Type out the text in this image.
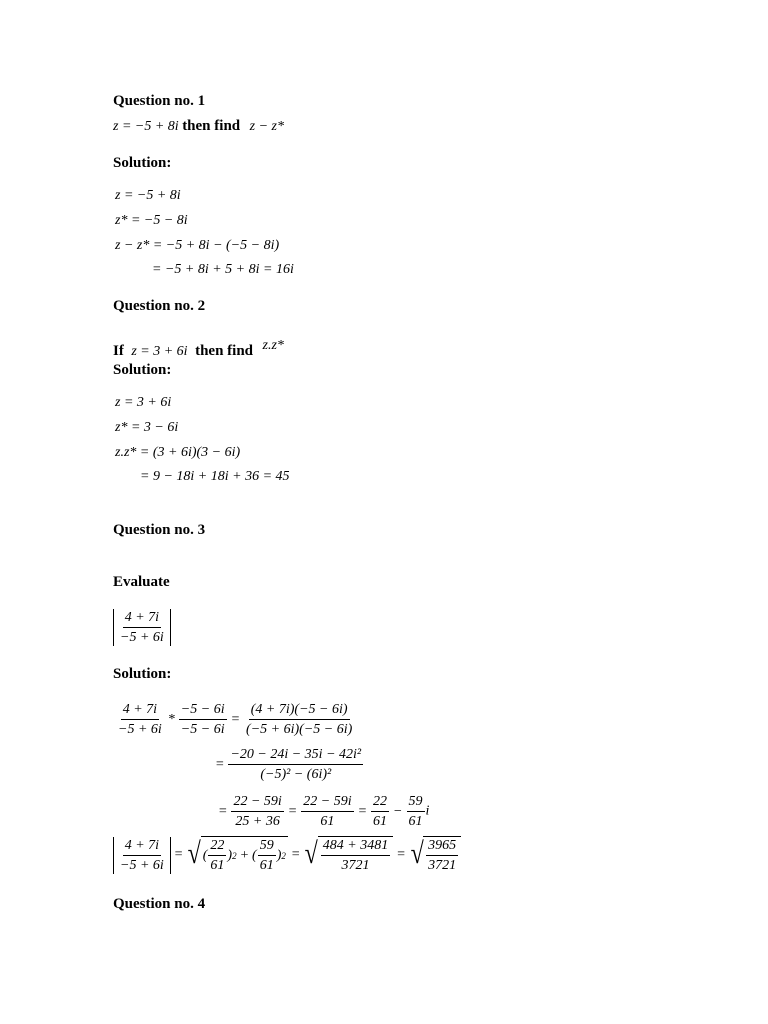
Question no. 1
z = −5 + 8i then find z − z*
Solution:
z = −5 + 8i
z* = −5 − 8i
z − z* = −5 + 8i − (−5 − 8i)
= −5 + 8i + 5 + 8i = 16i
Question no. 2
If z = 3 + 6i then find z.z*
Solution:
z = 3 + 6i
z* = 3 − 6i
z.z* = (3 + 6i)(3 − 6i)
= 9 − 18i + 18i + 36 = 45
Question no. 3
Evaluate
$\frac{4 + 7i}{-5 + 6i}$
Solution:
$\frac{4 + 7i}{-5 + 6i} * \frac{-5 - 6i}{-5 - 6i} = \frac{(4 + 7i)(-5 - 6i)}{(-5 + 6i)(-5 - 6i)}$
= $\frac{\text{−20 − 24i − 35i − 42i²}}{\text{(−5)² − (6i)²}}$
= $\frac{22 - 59i}{25 + 36} = \frac{22 - 59i}{61} = \frac{22}{61} - \frac{59}{61}$ i
$\frac{4 + 7i}{-5 + 6i}$ = √ ( $\frac{22}{61}$ ) 2 + ( $\frac{59}{61}$ ) 2 = √ $\frac{484 + 3481}{3721}$ = √ $\frac{3965}{3721}$
Question no. 4
